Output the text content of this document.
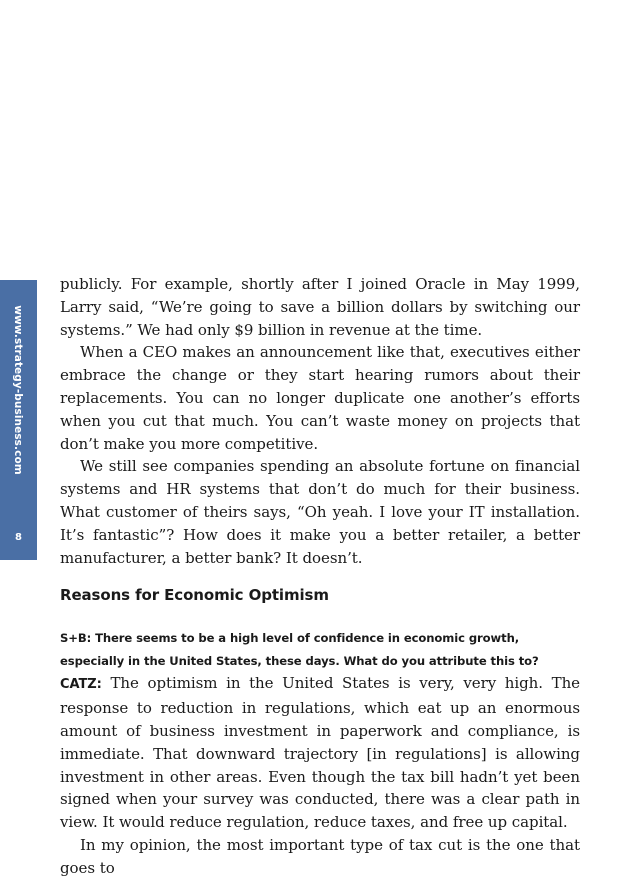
www.strategy-business.com
8

publicly. For example, shortly after I joined Oracle in May 1999, Larry said, “We’re going to save a billion dollars by switching our systems.” We had only $9 billion in revenue at the time.

When a CEO makes an announcement like that, executives either embrace the change or they start hearing rumors about their replacements. You can no longer duplicate one another’s efforts when you cut that much. You can’t waste money on projects that don’t make you more competitive.

We still see companies spending an absolute fortune on financial systems and HR systems that don’t do much for their business. What customer of theirs says, “Oh yeah. I love your IT installation. It’s fantastic”? How does it make you a better retailer, a better manufacturer, a better bank? It doesn’t.

Reasons for Economic Optimism

S+B: There seems to be a high level of confidence in economic growth, especially in the United States, these days. What do you attribute this to?

CATZ: The optimism in the United States is very, very high. The response to reduction in regulations, which eat up an enormous amount of business investment in paperwork and compliance, is immediate. That downward trajectory [in regulations] is allowing investment in other areas. Even though the tax bill hadn’t yet been signed when your survey was conducted, there was a clear path in view. It would reduce regulation, reduce taxes, and free up capital.

In my opinion, the most important type of tax cut is the one that goes to
